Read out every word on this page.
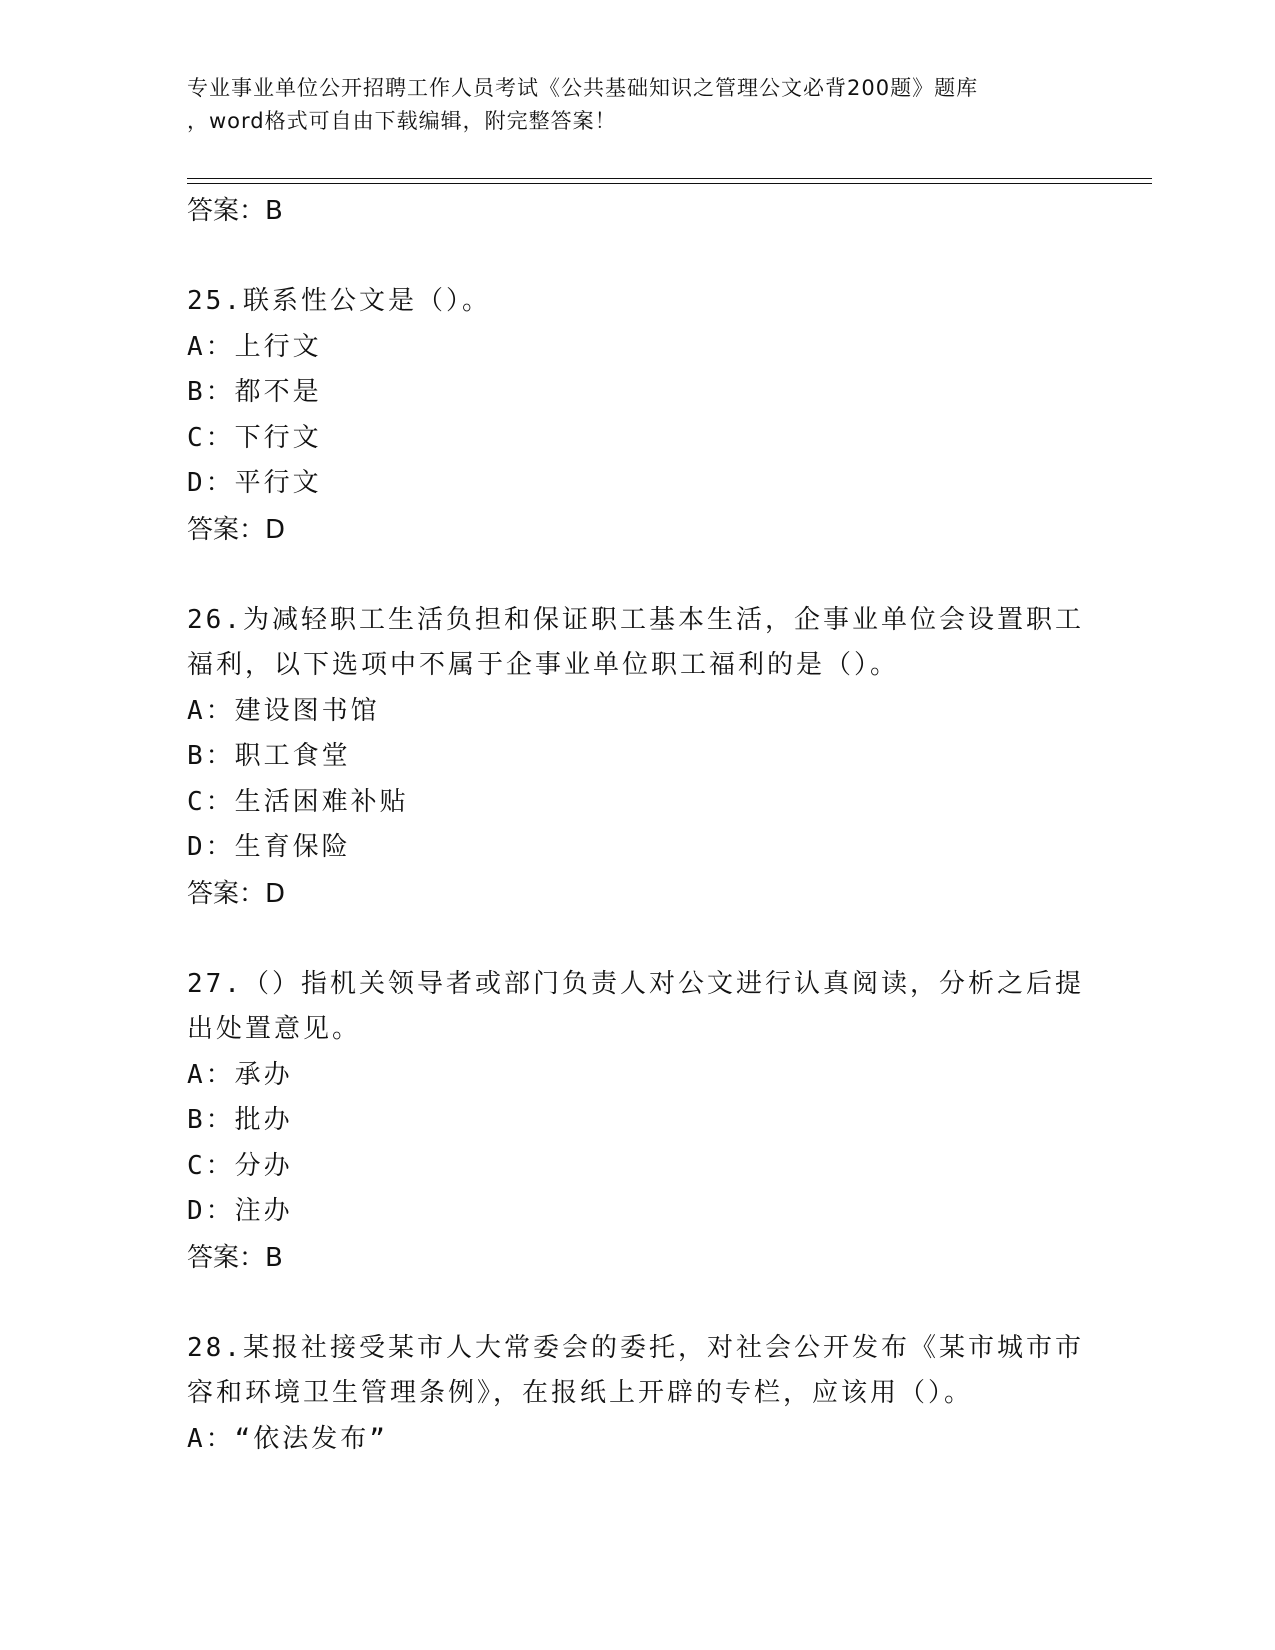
专业事业单位公开招聘工作人员考试《公共基础知识之管理公文必背200题》题库
，word格式可自由下载编辑，附完整答案！
答案：B
25.联系性公文是（）。
A：上行文
B：都不是
C：下行文
D：平行文
答案：D
26.为减轻职工生活负担和保证职工基本生活，企事业单位会设置职工
福利，以下选项中不属于企事业单位职工福利的是（）。
A：建设图书馆
B：职工食堂
C：生活困难补贴
D：生育保险
答案：D
27.（）指机关领导者或部门负责人对公文进行认真阅读，分析之后提
出处置意见。
A：承办
B：批办
C：分办
D：注办
答案：B
28.某报社接受某市人大常委会的委托，对社会公开发布《某市城市市
容和环境卫生管理条例》，在报纸上开辟的专栏，应该用（）。
A：“依法发布”
